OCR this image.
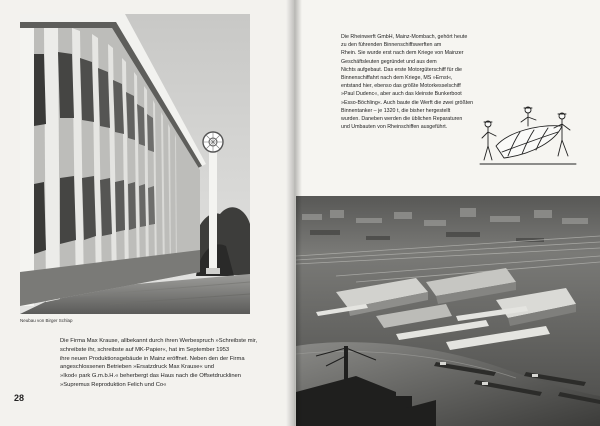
Neubau von Birger Schlap
Die Firma Max Krause, allbekannt durch ihren Werbespruch »Schreibste mir,
schreibste ihr, schreibste auf MK-Papier«, hat im September 1953
ihre neuen Produktionsgebäude in Mainz eröffnet. Neben den der Firma
angeschlossenen Betrieben »Ersatzdruck Max Krause« und
»Ikod« park G.m.b.H.« beherbergt das Haus nach die Offsetdrucklinen
»Supremus Reproduktion Felich und Co«
28
Die Rheinwerft GmbH, Mainz-Mombach, gehört heute
zu den führenden Binnenschiffswerften am
Rhein. Sie wurde erst nach dem Kriege von Mainzer
Geschäftsleuten gegründet und aus dem
Nichts aufgebaut. Das erste Motorgüterschiff für die
Binnenschiffahrt nach dem Kriege, MS »Ernst«,
entstand hier, ebenso das größte Motorkesselschiff
»Paul Dudenc«, aber auch das kleinste Bunkerboot
»Esso-Böchling«. Auch baute die Werft die zwei größten
Binnentanker – je 1320 t, die bisher hergestellt
wurden. Daneben werden die üblichen Reparaturen
und Umbauten von Rheinschiffen ausgeführt.
